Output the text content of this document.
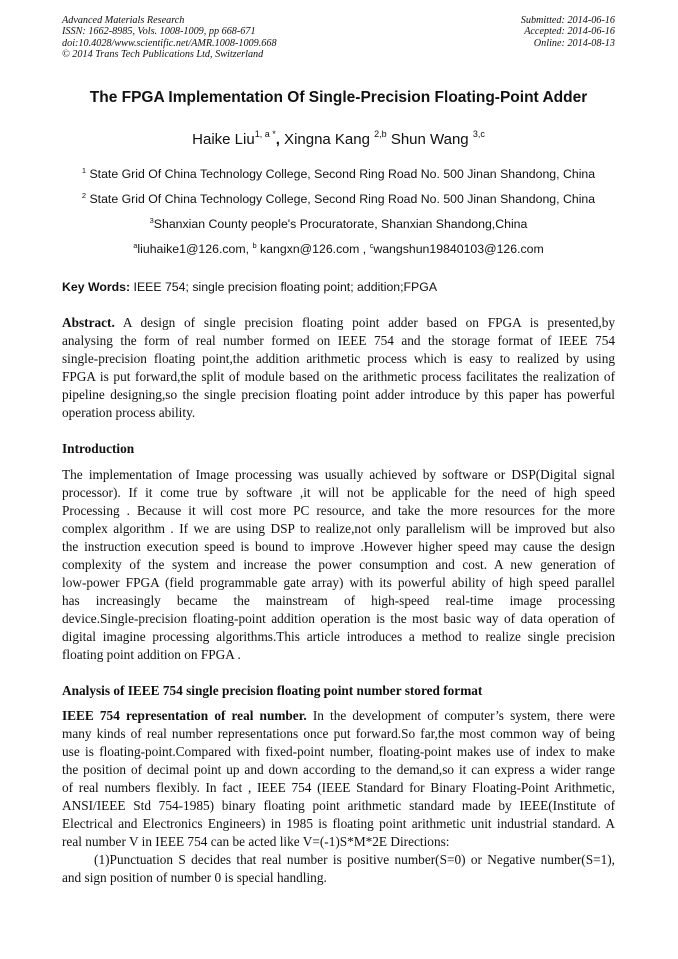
Advanced Materials Research
ISSN: 1662-8985, Vols. 1008-1009, pp 668-671
doi:10.4028/www.scientific.net/AMR.1008-1009.668
© 2014 Trans Tech Publications Ltd, Switzerland
Submitted: 2014-06-16
Accepted: 2014-06-16
Online: 2014-08-13
The FPGA Implementation Of Single-Precision Floating-Point Adder
Haike Liu$^{1, a *}$, Xingna Kang $^{2,b}$ Shun Wang $^{3,c}$
$^1$ State Grid Of China Technology College, Second Ring Road No. 500 Jinan Shandong, China
$^2$ State Grid Of China Technology College, Second Ring Road No. 500 Jinan Shandong, China
$^3$Shanxian County people's Procuratorate, Shanxian Shandong,China
$^a$liuhaike1@126.com, $^b$ kangxn@126.com , $^c$wangshun19840103@126.com
Key Words: IEEE 754; single precision floating point; addition;FPGA
Abstract. A design of single precision floating point adder based on FPGA is presented,by
analysing the form of real number formed on IEEE 754 and the storage format of IEEE 754
single-precision floating point,the addition arithmetic process which is easy to realized by using
FPGA is put forward,the split of module based on the arithmetic process facilitates the realization of
pipeline designing,so the single precision floating point adder introduce by this paper has powerful
operation process ability.
Introduction
The implementation of Image processing was usually achieved by software or DSP(Digital signal
processor). If it come true by software ,it will not be applicable for the need of high speed
Processing . Because it will cost more PC resource, and take the more resources for the more
complex algorithm . If we are using DSP to realize,not only parallelism will be improved but also
the instruction execution speed is bound to improve .However higher speed may cause the design
complexity of the system and increase the power consumption and cost. A new generation of
low-power FPGA (field programmable gate array) with its powerful ability of high speed parallel
has increasingly became the mainstream of high-speed real-time image processing
device.Single-precision floating-point addition operation is the most basic way of data operation of
digital imagine processing algorithms.This article introduces a method to realize single precision
floating point addition on FPGA .
Analysis of IEEE 754 single precision floating point number stored format
IEEE 754 representation of real number. In the development of computer’s system, there were
many kinds of real number representations once put forward.So far,the most common way of being
use is floating-point.Compared with fixed-point number, floating-point makes use of index to make
the position of decimal point up and down according to the demand,so it can express a wider range
of real numbers flexibly. In fact , IEEE 754 (IEEE Standard for Binary Floating-Point Arithmetic,
ANSI/IEEE Std 754-1985) binary floating point arithmetic standard made by IEEE(Institute of
Electrical and Electronics Engineers) in 1985 is floating point arithmetic unit industrial standard. A
real number V in IEEE 754 can be acted like V=(-1)S*M*2E Directions:
(1)Punctuation S decides that real number is positive number(S=0) or Negative number(S=1),
and sign position of number 0 is special handling.
